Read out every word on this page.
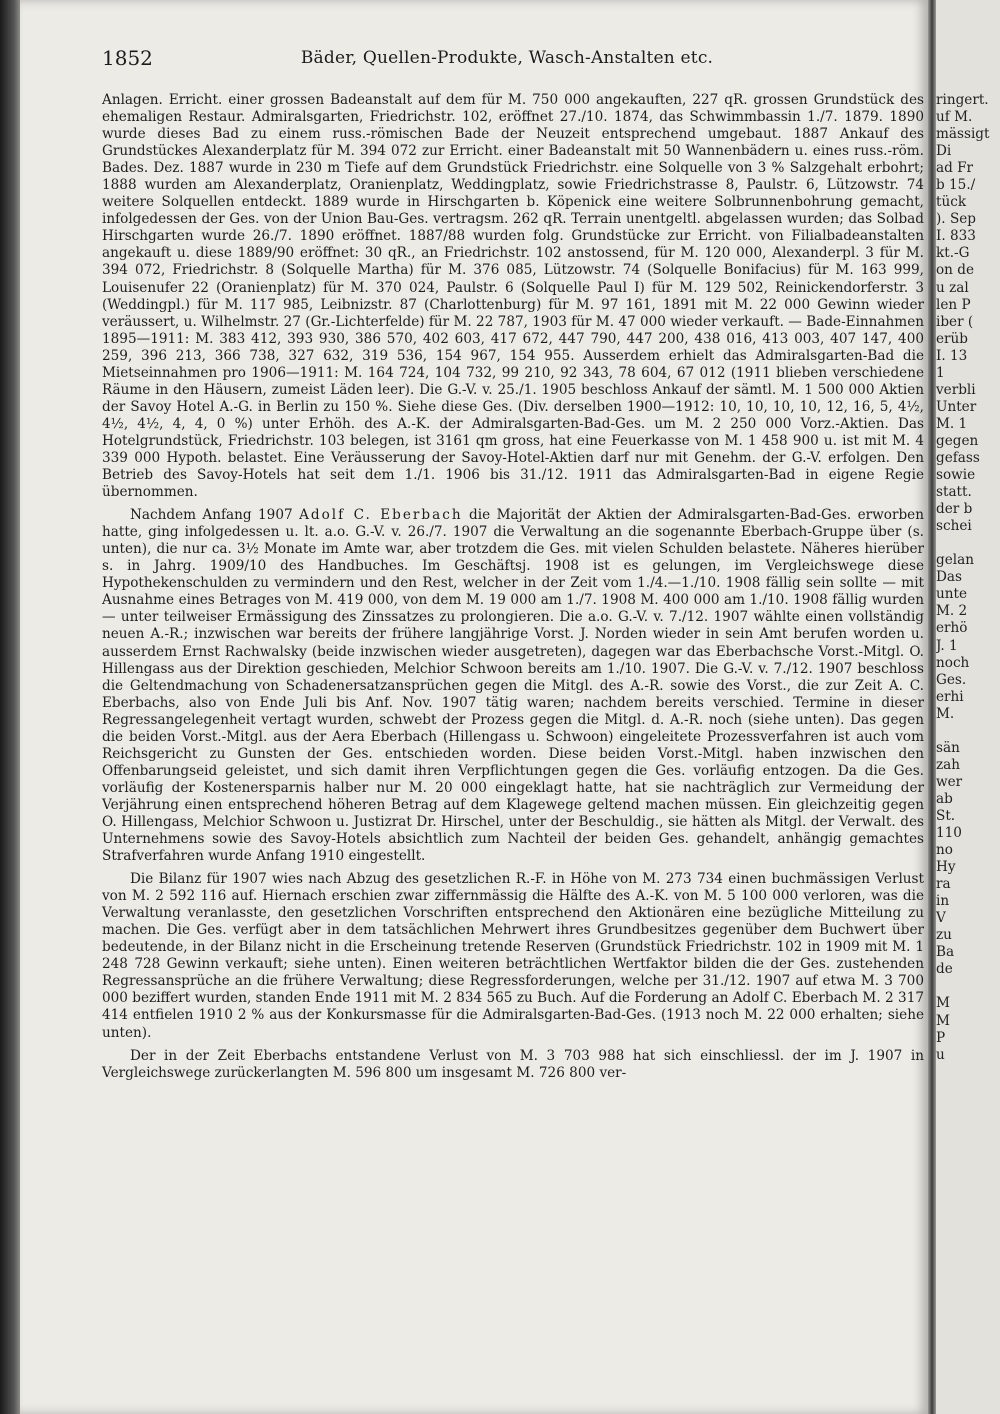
1852	Bäder, Quellen-Produkte, Wasch-Anstalten etc.

Anlagen. Erricht. einer grossen Badeanstalt auf dem für M. 750 000 angekauften, 227 qR. grossen Grundstück des ehemaligen Restaur. Admiralsgarten, Friedrichstr. 102, eröffnet 27./10. 1874, das Schwimmbassin 1./7. 1879. 1890 wurde dieses Bad zu einem russ.-römischen Bade der Neuzeit entsprechend umgebaut. 1887 Ankauf des Grundstückes Alexanderplatz für M. 394 072 zur Erricht. einer Badeanstalt mit 50 Wannenbädern u. eines russ.-röm. Bades. Dez. 1887 wurde in 230 m Tiefe auf dem Grundstück Friedrichstr. eine Solquelle von 3 % Salzgehalt erbohrt; 1888 wurden am Alexanderplatz, Oranienplatz, Weddingplatz, sowie Friedrichstrasse 8, Paulstr. 6, Lützowstr. 74 weitere Solquellen entdeckt. 1889 wurde in Hirschgarten b. Köpenick eine weitere Solbrunnenbohrung gemacht, infolgedessen der Ges. von der Union Bau-Ges. vertragsm. 262 qR. Terrain unentgeltl. abgelassen wurden; das Solbad Hirschgarten wurde 26./7. 1890 eröffnet. 1887/88 wurden folg. Grundstücke zur Erricht. von Filialbadeanstalten angekauft u. diese 1889/90 eröffnet: 30 qR., an Friedrichstr. 102 anstossend, für M. 120 000, Alexanderpl. 3 für M. 394 072, Friedrichstr. 8 (Solquelle Martha) für M. 376 085, Lützowstr. 74 (Solquelle Bonifacius) für M. 163 999, Louisenufer 22 (Oranienplatz) für M. 370 024, Paulstr. 6 (Solquelle Paul I) für M. 129 502, Reinickendorferstr. 3 (Weddingpl.) für M. 117 985, Leibnizstr. 87 (Charlottenburg) für M. 97 161, 1891 mit M. 22 000 Gewinn wieder veräussert, u. Wilhelmstr. 27 (Gr.-Lichterfelde) für M. 22 787, 1903 für M. 47 000 wieder verkauft. — Bade-Einnahmen 1895—1911: M. 383 412, 393 930, 386 570, 402 603, 417 672, 447 790, 447 200, 438 016, 413 003, 407 147, 400 259, 396 213, 366 738, 327 632, 319 536, 154 967, 154 955. Ausserdem erhielt das Admiralsgarten-Bad die Mietseinnahmen pro 1906—1911: M. 164 724, 104 732, 99 210, 92 343, 78 604, 67 012 (1911 blieben verschiedene Räume in den Häusern, zumeist Läden leer). Die G.-V. v. 25./1. 1905 beschloss Ankauf der sämtl. M. 1 500 000 Aktien der Savoy Hotel A.-G. in Berlin zu 150 %. Siehe diese Ges. (Div. derselben 1900—1912: 10, 10, 10, 10, 12, 16, 5, 4½, 4½, 4½, 4, 4, 0 %) unter Erhöh. des A.-K. der Admiralsgarten-Bad-Ges. um M. 2 250 000 Vorz.-Aktien. Das Hotelgrundstück, Friedrichstr. 103 belegen, ist 3161 qm gross, hat eine Feuerkasse von M. 1 458 900 u. ist mit M. 4 339 000 Hypoth. belastet. Eine Veräusserung der Savoy-Hotel-Aktien darf nur mit Genehm. der G.-V. erfolgen. Den Betrieb des Savoy-Hotels hat seit dem 1./1. 1906 bis 31./12. 1911 das Admiralsgarten-Bad in eigene Regie übernommen.

Nachdem Anfang 1907 Adolf C. Eberbach die Majorität der Aktien der Admiralsgarten-Bad-Ges. erworben hatte, ging infolgedessen u. lt. a.o. G.-V. v. 26./7. 1907 die Verwaltung an die sogenannte Eberbach-Gruppe über (s. unten), die nur ca. 3½ Monate im Amte war, aber trotzdem die Ges. mit vielen Schulden belastete. Näheres hierüber s. in Jahrg. 1909/10 des Handbuches. Im Geschäftsj. 1908 ist es gelungen, im Vergleichswege diese Hypothekenschulden zu vermindern und den Rest, welcher in der Zeit vom 1./4.—1./10. 1908 fällig sein sollte — mit Ausnahme eines Betrages von M. 419 000, von dem M. 19 000 am 1./7. 1908 M. 400 000 am 1./10. 1908 fällig wurden — unter teilweiser Ermässigung des Zinssatzes zu prolongieren. Die a.o. G.-V. v. 7./12. 1907 wählte einen vollständig neuen A.-R.; inzwischen war bereits der frühere langjährige Vorst. J. Norden wieder in sein Amt berufen worden u. ausserdem Ernst Rachwalsky (beide inzwischen wieder ausgetreten), dagegen war das Eberbachsche Vorst.-Mitgl. O. Hillengass aus der Direktion geschieden, Melchior Schwoon bereits am 1./10. 1907. Die G.-V. v. 7./12. 1907 beschloss die Geltendmachung von Schadenersatzansprüchen gegen die Mitgl. des A.-R. sowie des Vorst., die zur Zeit A. C. Eberbachs, also von Ende Juli bis Anf. Nov. 1907 tätig waren; nachdem bereits verschied. Termine in dieser Regressangelegenheit vertagt wurden, schwebt der Prozess gegen die Mitgl. d. A.-R. noch (siehe unten). Das gegen die beiden Vorst.-Mitgl. aus der Aera Eberbach (Hillengass u. Schwoon) eingeleitete Prozessverfahren ist auch vom Reichsgericht zu Gunsten der Ges. entschieden worden. Diese beiden Vorst.-Mitgl. haben inzwischen den Offenbarungseid geleistet, und sich damit ihren Verpflichtungen gegen die Ges. vorläufig entzogen. Da die Ges. vorläufig der Kostenersparnis halber nur M. 20 000 eingeklagt hatte, hat sie nachträglich zur Vermeidung der Verjährung einen entsprechend höheren Betrag auf dem Klagewege geltend machen müssen. Ein gleichzeitig gegen O. Hillengass, Melchior Schwoon u. Justizrat Dr. Hirschel, unter der Beschuldig., sie hätten als Mitgl. der Verwalt. des Unternehmens sowie des Savoy-Hotels absichtlich zum Nachteil der beiden Ges. gehandelt, anhängig gemachtes Strafverfahren wurde Anfang 1910 eingestellt.

Die Bilanz für 1907 wies nach Abzug des gesetzlichen R.-F. in Höhe von M. 273 734 einen buchmässigen Verlust von M. 2 592 116 auf. Hiernach erschien zwar ziffernmässig die Hälfte des A.-K. von M. 5 100 000 verloren, was die Verwaltung veranlasste, den gesetzlichen Vorschriften entsprechend den Aktionären eine bezügliche Mitteilung zu machen. Die Ges. verfügt aber in dem tatsächlichen Mehrwert ihres Grundbesitzes gegenüber dem Buchwert über bedeutende, in der Bilanz nicht in die Erscheinung tretende Reserven (Grundstück Friedrichstr. 102 in 1909 mit M. 1 248 728 Gewinn verkauft; siehe unten). Einen weiteren beträchtlichen Wertfaktor bilden die der Ges. zustehenden Regressansprüche an die frühere Verwaltung; diese Regressforderungen, welche per 31./12. 1907 auf etwa M. 3 700 000 beziffert wurden, standen Ende 1911 mit M. 2 834 565 zu Buch. Auf die Forderung an Adolf C. Eberbach M. 2 317 414 entfielen 1910 2 % aus der Konkursmasse für die Admiralsgarten-Bad-Ges. (1913 noch M. 22 000 erhalten; siehe unten).

Der in der Zeit Eberbachs entstandene Verlust von M. 3 703 988 hat sich einschliessl. der im J. 1907 in Vergleichswege zurückerlangten M. 596 800 um insgesamt M. 726 800 ver-

ringert.
uf M.
mässigt
Di
ad Fr
b 15./
tück
). Sep
I. 833
kt.-G
on de
u zal
len P
iber (
erüb
I. 13
1
verbli
Unter
M. 1
gegen
gefass
sowie
statt.
der b
schei
gelan
Das
unte
M. 2
erhö
J. 1
noch
Ges.
erhi
M.
sän
zah
wer
ab
St.
110
no
Hy
ra
in
V
zu
Ba
de
M
M
P
u
